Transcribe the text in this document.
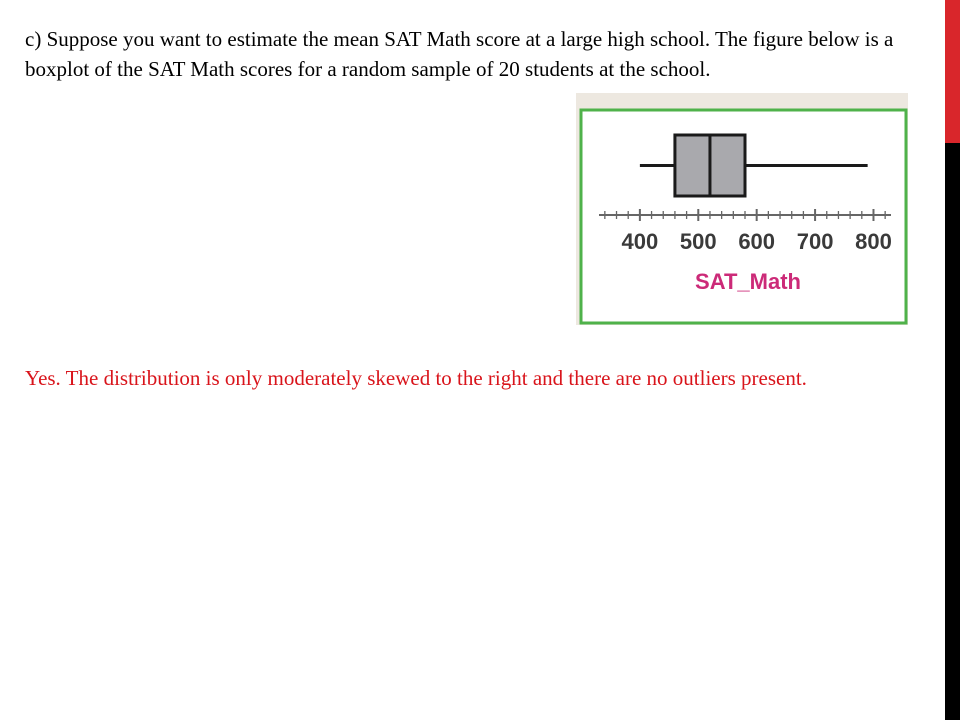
c) Suppose you want to estimate the mean SAT Math score at a large high school. The figure below is a boxplot of the SAT Math scores for a random sample of 20 students at the school.

400 500 600 700 800
SAT_Math

Yes. The distribution is only moderately skewed to the right and there are no outliers present.
